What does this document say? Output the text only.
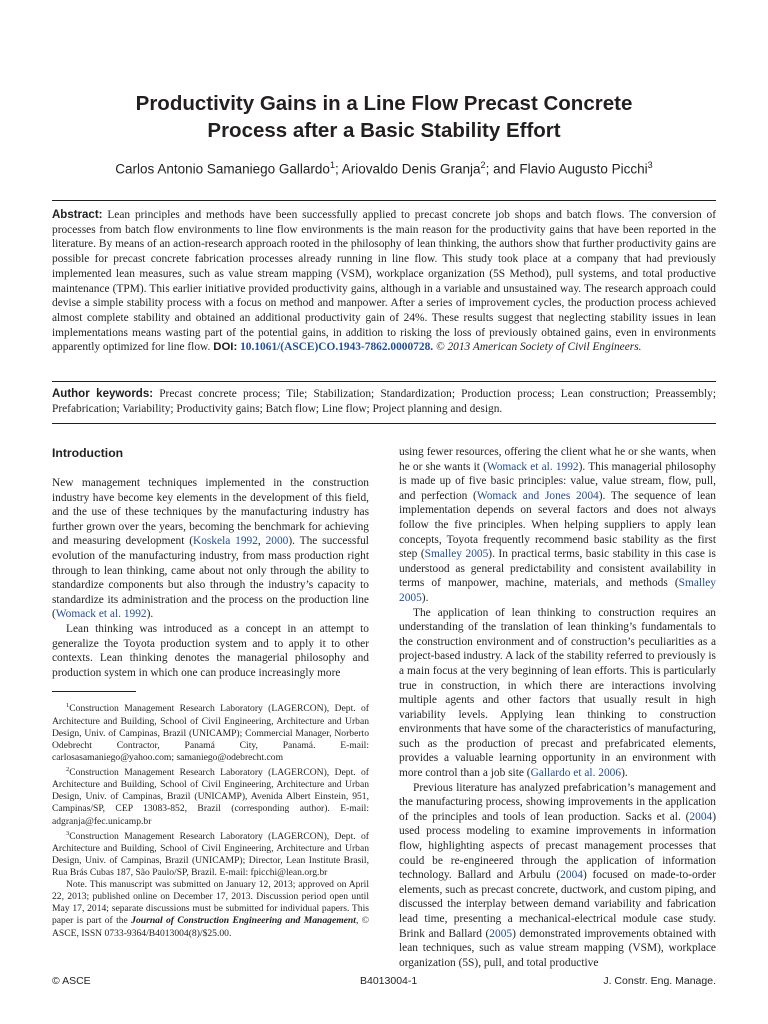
Productivity Gains in a Line Flow Precast Concrete
Process after a Basic Stability Effort
Carlos Antonio Samaniego Gallardo$^1$; Ariovaldo Denis Granja$^2$; and Flavio Augusto Picchi$^3$

Abstract: Lean principles and methods have been successfully applied to precast concrete job shops and batch flows. The conversion of processes from batch flow environments to line flow environments is the main reason for the productivity gains that have been reported in the literature. By means of an action-research approach rooted in the philosophy of lean thinking, the authors show that further productivity gains are possible for precast concrete fabrication processes already running in line flow. This study took place at a company that had previously implemented lean measures, such as value stream mapping (VSM), workplace organization (5S Method), pull systems, and total productive maintenance (TPM). This earlier initiative provided productivity gains, although in a variable and unsustained way. The research approach could devise a simple stability process with a focus on method and manpower. After a series of improvement cycles, the production process achieved almost complete stability and obtained an additional productivity gain of 24%. These results suggest that neglecting stability issues in lean implementations means wasting part of the potential gains, in addition to risking the loss of previously obtained gains, even in environments apparently optimized for line flow. DOI: 10.1061/(ASCE)CO.1943-7862.0000728. © 2013 American Society of Civil Engineers.

Author keywords: Precast concrete process; Tile; Stabilization; Standardization; Production process; Lean construction; Preassembly; Prefabrication; Variability; Productivity gains; Batch flow; Line flow; Project planning and design.

Introduction

New management techniques implemented in the construction industry have become key elements in the development of this field, and the use of these techniques by the manufacturing industry has further grown over the years, becoming the benchmark for achieving and measuring development (Koskela 1992, 2000). The successful evolution of the manufacturing industry, from mass production right through to lean thinking, came about not only through the ability to standardize components but also through the industry’s capacity to standardize its administration and the process on the production line (Womack et al. 1992).

Lean thinking was introduced as a concept in an attempt to generalize the Toyota production system and to apply it to other contexts. Lean thinking denotes the managerial philosophy and production system in which one can produce increasingly more

$^1$Construction Management Research Laboratory (LAGERCON), Dept. of Architecture and Building, School of Civil Engineering, Architecture and Urban Design, Univ. of Campinas, Brazil (UNICAMP); Commercial Manager, Norberto Odebrecht Contractor, Panamá City, Panamá. E-mail: carlosasamaniego@yahoo.com; samaniego@odebrecht.com

$^2$Construction Management Research Laboratory (LAGERCON), Dept. of Architecture and Building, School of Civil Engineering, Architecture and Urban Design, Univ. of Campinas, Brazil (UNICAMP), Avenida Albert Einstein, 951, Campinas/SP, CEP 13083-852, Brazil (corresponding author). E-mail: adgranja@fec.unicamp.br

$^3$Construction Management Research Laboratory (LAGERCON), Dept. of Architecture and Building, School of Civil Engineering, Architecture and Urban Design, Univ. of Campinas, Brazil (UNICAMP); Director, Lean Institute Brasil, Rua Brás Cubas 187, São Paulo/SP, Brazil. E-mail: fpicchi@lean.org.br

Note. This manuscript was submitted on January 12, 2013; approved on April 22, 2013; published online on December 17, 2013. Discussion period open until May 17, 2014; separate discussions must be submitted for individual papers. This paper is part of the Journal of Construction Engineering and Management, © ASCE, ISSN 0733-9364/B4013004(8)/$25.00.

using fewer resources, offering the client what he or she wants, when he or she wants it (Womack et al. 1992). This managerial philosophy is made up of five basic principles: value, value stream, flow, pull, and perfection (Womack and Jones 2004). The sequence of lean implementation depends on several factors and does not always follow the five principles. When helping suppliers to apply lean concepts, Toyota frequently recommend basic stability as the first step (Smalley 2005). In practical terms, basic stability in this case is understood as general predictability and consistent availability in terms of manpower, machine, materials, and methods (Smalley 2005).

The application of lean thinking to construction requires an understanding of the translation of lean thinking’s fundamentals to the construction environment and of construction’s peculiarities as a project-based industry. A lack of the stability referred to previously is a main focus at the very beginning of lean efforts. This is particularly true in construction, in which there are interactions involving multiple agents and other factors that usually result in high variability levels. Applying lean thinking to construction environments that have some of the characteristics of manufacturing, such as the production of precast and prefabricated elements, provides a valuable learning opportunity in an environment with more control than a job site (Gallardo et al. 2006).

Previous literature has analyzed prefabrication’s management and the manufacturing process, showing improvements in the application of the principles and tools of lean production. Sacks et al. (2004) used process modeling to examine improvements in information flow, highlighting aspects of precast management processes that could be re-engineered through the application of information technology. Ballard and Arbulu (2004) focused on made-to-order elements, such as precast concrete, ductwork, and custom piping, and discussed the interplay between demand variability and fabrication lead time, presenting a mechanical-electrical module case study. Brink and Ballard (2005) demonstrated improvements obtained with lean techniques, such as value stream mapping (VSM), workplace organization (5S), pull, and total productive

© ASCE	B4013004-1	J. Constr. Eng. Manage.
